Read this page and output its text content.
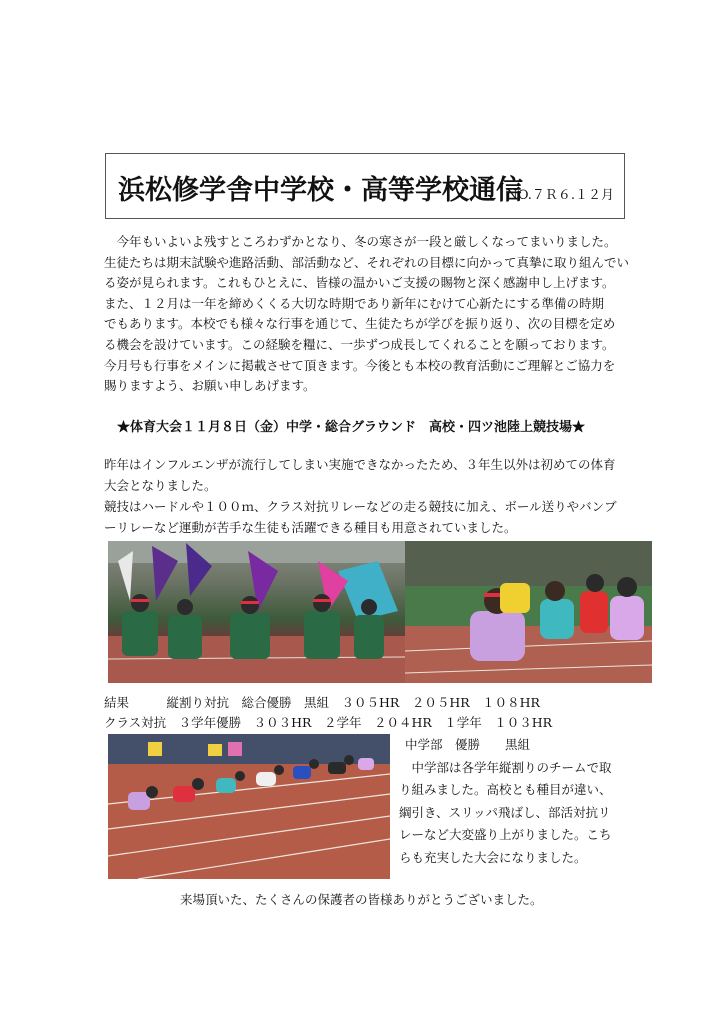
浜松修学舎中学校・高等学校通信
NO.７Ｒ６.１２月

　今年もいよいよ残すところわずかとなり、冬の寒さが一段と厳しくなってまいりました。

生徒たちは期末試験や進路活動、部活動など、それぞれの目標に向かって真摯に取り組んでい

る姿が見られます。これもひとえに、皆様の温かいご支援の賜物と深く感謝申し上げます。

また、１２月は一年を締めくくる大切な時期であり新年にむけて心新たにする準備の時期

でもあります。本校でも様々な行事を通じて、生徒たちが学びを振り返り、次の目標を定め

る機会を設けています。この経験を糧に、一歩ずつ成長してくれることを願っております。

今月号も行事をメインに掲載させて頂きます。今後とも本校の教育活動にご理解とご協力を

賜りますよう、お願い申しあげます。

★体育大会１１月８日（金）中学・総合グラウンド　高校・四ツ池陸上競技場★

昨年はインフルエンザが流行してしまい実施できなかったため、３年生以外は初めての体育

大会となりました。

競技はハードルや１００ｍ、クラス対抗リレーなどの走る競技に加え、ボール送りやバンブ

ーリレーなど運動が苦手な生徒も活躍できる種目も用意されていました。

結果　　　縦割り対抗　総合優勝　黒組　３０５HR　２０５HR　１０８HR

クラス対抗　３学年優勝　３０３HR　２学年　２０４HR　１学年　１０３HR

中学部　優勝　　黒組

　中学部は各学年縦割りのチームで取

り組みました。高校とも種目が違い、

綱引き、スリッパ飛ばし、部活対抗リ

レーなど大変盛り上がりました。こち

らも充実した大会になりました。

来場頂いた、たくさんの保護者の皆様ありがとうございました。
